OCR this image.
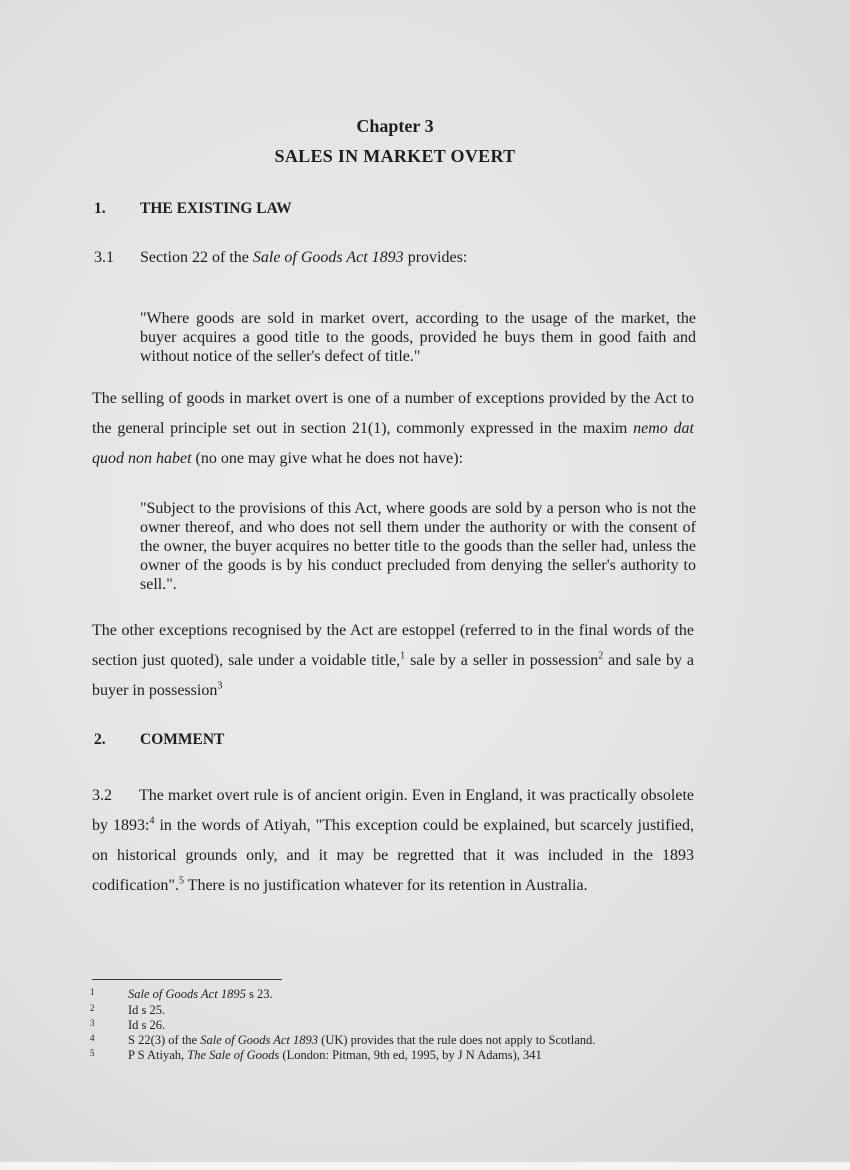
Chapter 3
SALES IN MARKET OVERT
1. THE EXISTING LAW
3.1 Section 22 of the Sale of Goods Act 1893 provides:
"Where goods are sold in market overt, according to the usage of the market, the buyer acquires a good title to the goods, provided he buys them in good faith and without notice of the seller's defect of title."

The selling of goods in market overt is one of a number of exceptions provided by the Act to the general principle set out in section 21(1), commonly expressed in the maxim nemo dat quod non habet (no one may give what he does not have):

"Subject to the provisions of this Act, where goods are sold by a person who is not the owner thereof, and who does not sell them under the authority or with the consent of the owner, the buyer acquires no better title to the goods than the seller had, unless the owner of the goods is by his conduct precluded from denying the seller's authority to sell.".

The other exceptions recognised by the Act are estoppel (referred to in the final words of the section just quoted), sale under a voidable title,$^1$ sale by a seller in possession$^2$ and sale by a buyer in possession$^3$

2. COMMENT

3.2 The market overt rule is of ancient origin. Even in England, it was practically obsolete by 1893:$^4$ in the words of Atiyah, "This exception could be explained, but scarcely justified, on historical grounds only, and it may be regretted that it was included in the 1893 codification".$^5$ There is no justification whatever for its retention in Australia.

1	Sale of Goods Act 1895 s 23.
2	Id s 25.
3	Id s 26.
4	S 22(3) of the Sale of Goods Act 1893 (UK) provides that the rule does not apply to Scotland.
5	P S Atiyah, The Sale of Goods (London: Pitman, 9th ed, 1995, by J N Adams), 341
